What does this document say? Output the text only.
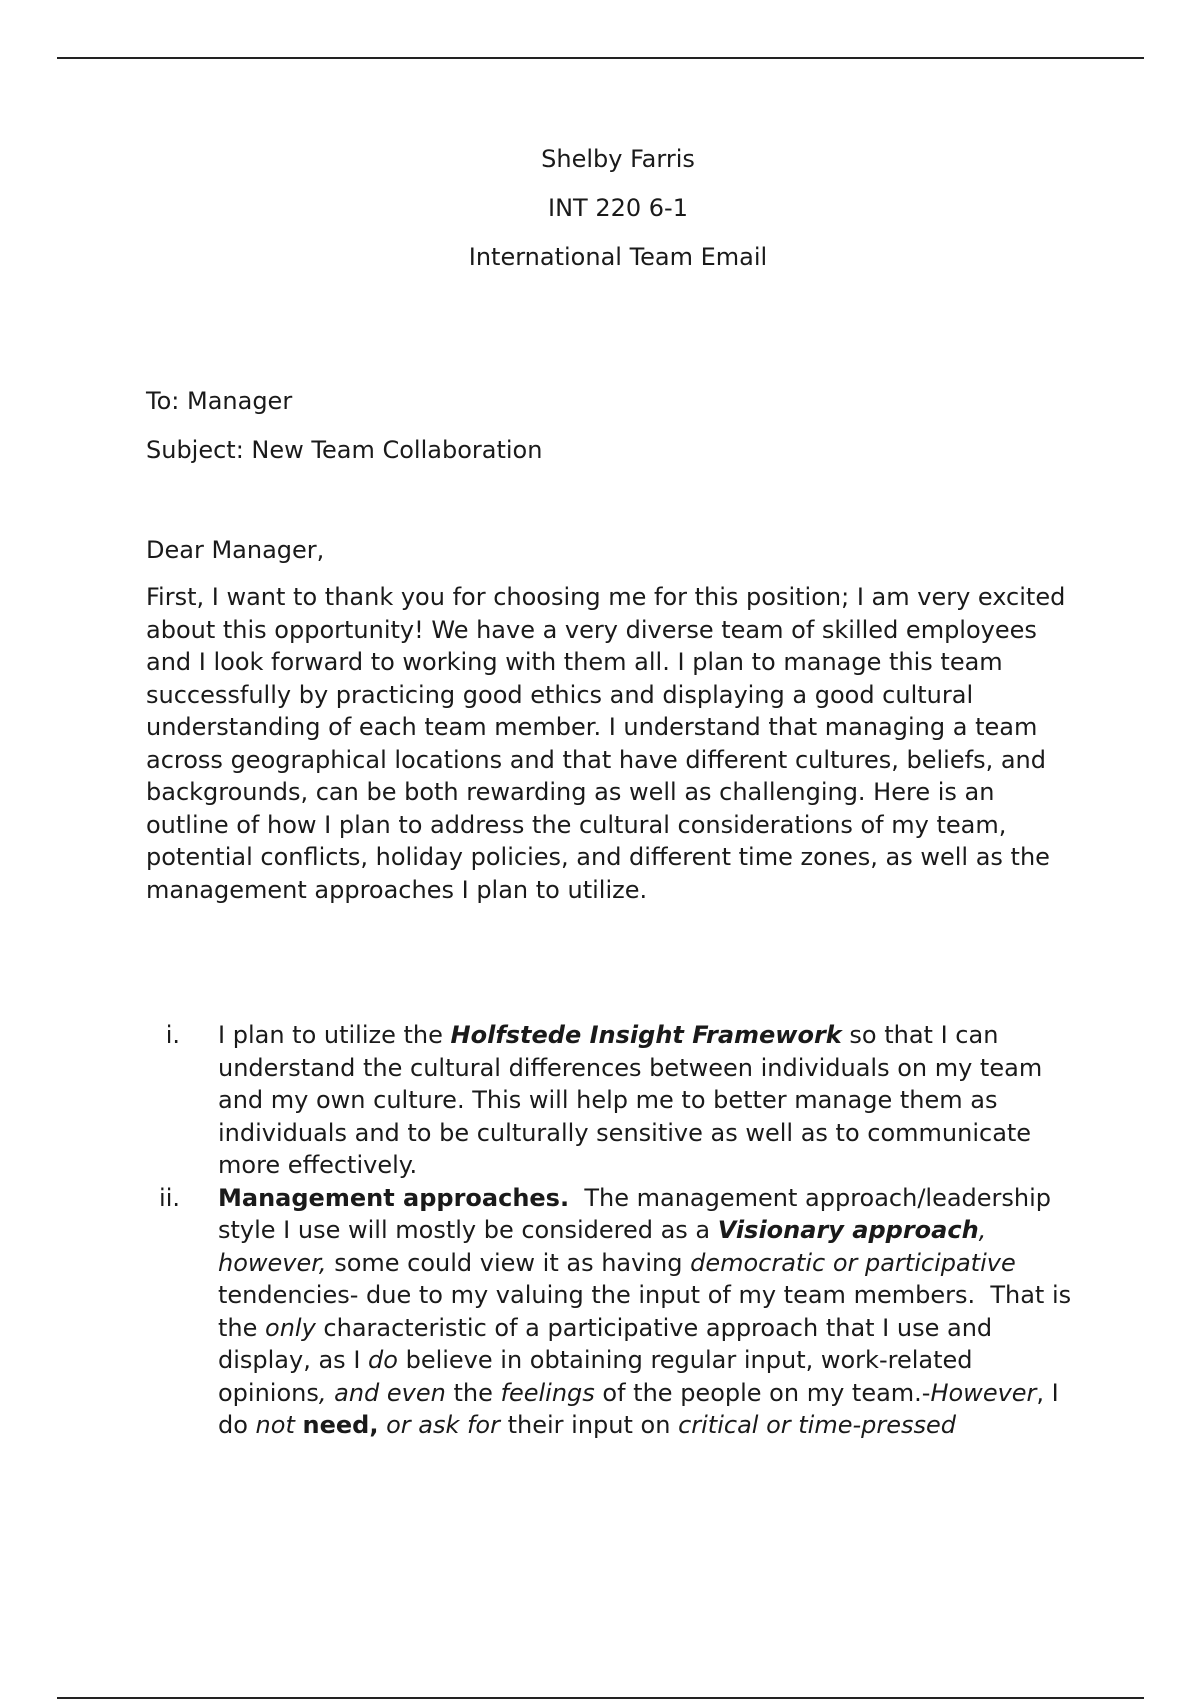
Shelby Farris
INT 220 6-1
International Team Email
To: Manager
Subject: New Team Collaboration
Dear Manager,
First, I want to thank you for choosing me for this position; I am very excited
about this opportunity! We have a very diverse team of skilled employees
and I look forward to working with them all. I plan to manage this team
successfully by practicing good ethics and displaying a good cultural
understanding of each team member. I understand that managing a team
across geographical locations and that have different cultures, beliefs, and
backgrounds, can be both rewarding as well as challenging. Here is an
outline of how I plan to address the cultural considerations of my team,
potential conflicts, holiday policies, and different time zones, as well as the
management approaches I plan to utilize.
i. I plan to utilize the Holfstede Insight Framework so that I can
understand the cultural differences between individuals on my team
and my own culture. This will help me to better manage them as
individuals and to be culturally sensitive as well as to communicate
more effectively.
ii. Management approaches.  The management approach/leadership
style I use will mostly be considered as a Visionary approach,
however, some could view it as having democratic or participative
tendencies- due to my valuing the input of my team members.  That is
the only characteristic of a participative approach that I use and
display, as I do believe in obtaining regular input, work-related
opinions, and even the feelings of the people on my team.-However, I
do not need, or ask for their input on critical or time-pressed
